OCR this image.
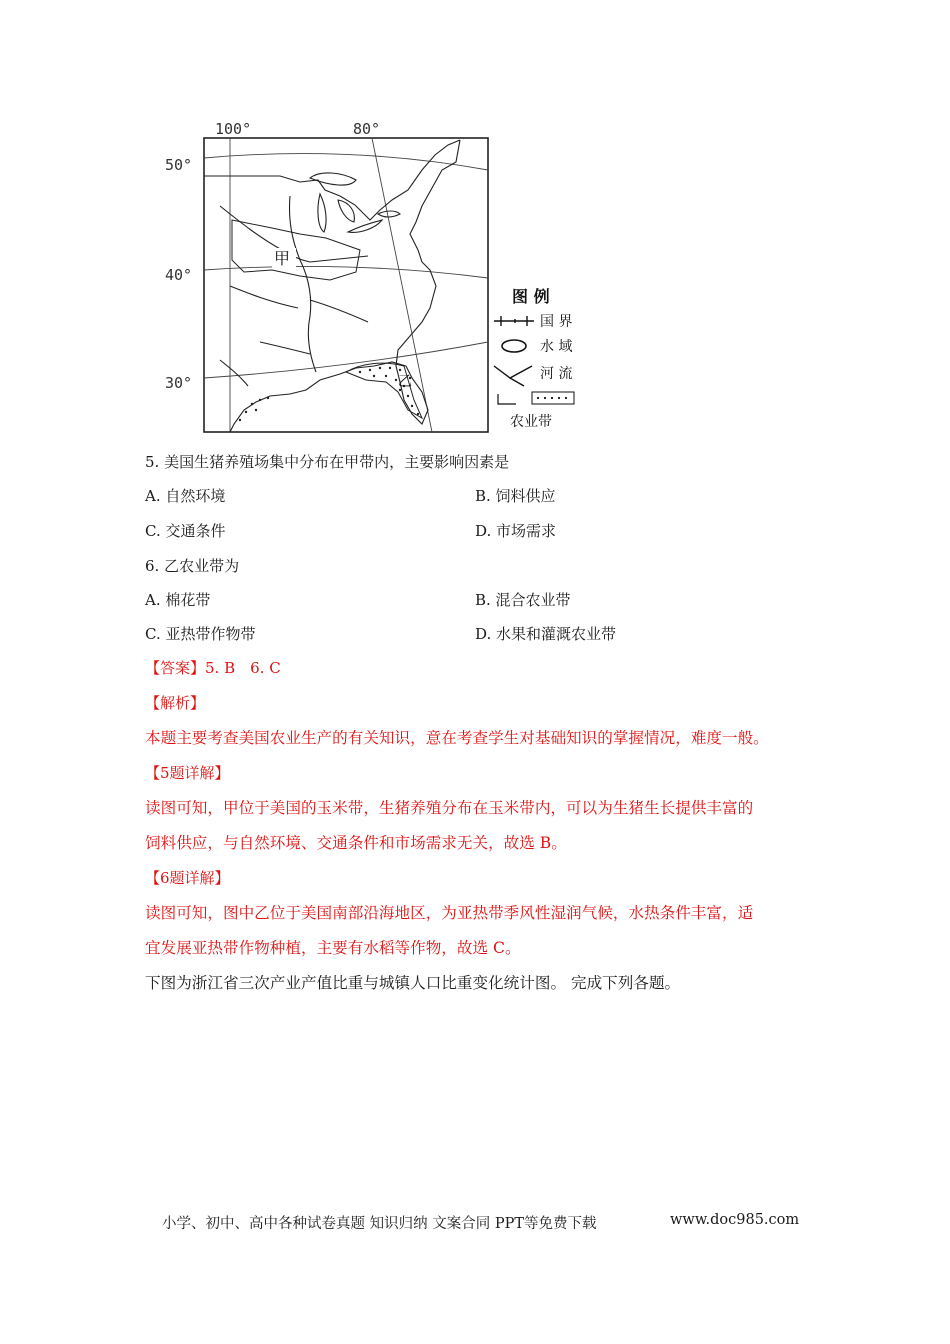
100°	80°
50°
40°
30°
甲
乙
图 例
国 界
水 域
河 流
农业带
5. 美国生猪养殖场集中分布在甲带内，主要影响因素是
A. 自然环境	B. 饲料供应
C. 交通条件	D. 市场需求
6. 乙农业带为
A. 棉花带	B. 混合农业带
C. 亚热带作物带	D. 水果和灌溉农业带
【答案】5. B　6. C
【解析】
本题主要考查美国农业生产的有关知识，意在考查学生对基础知识的掌握情况，难度一般。
【5题详解】
读图可知，甲位于美国的玉米带，生猪养殖分布在玉米带内，可以为生猪生长提供丰富的
饲料供应，与自然环境、交通条件和市场需求无关，故选 B。
【6题详解】
读图可知，图中乙位于美国南部沿海地区，为亚热带季风性湿润气候，水热条件丰富，适
宜发展亚热带作物种植，主要有水稻等作物，故选 C。
下图为浙江省三次产业产值比重与城镇人口比重变化统计图。 完成下列各题。
小学、初中、高中各种试卷真题 知识归纳 文案合同 PPT等免费下载	www.doc985.com
